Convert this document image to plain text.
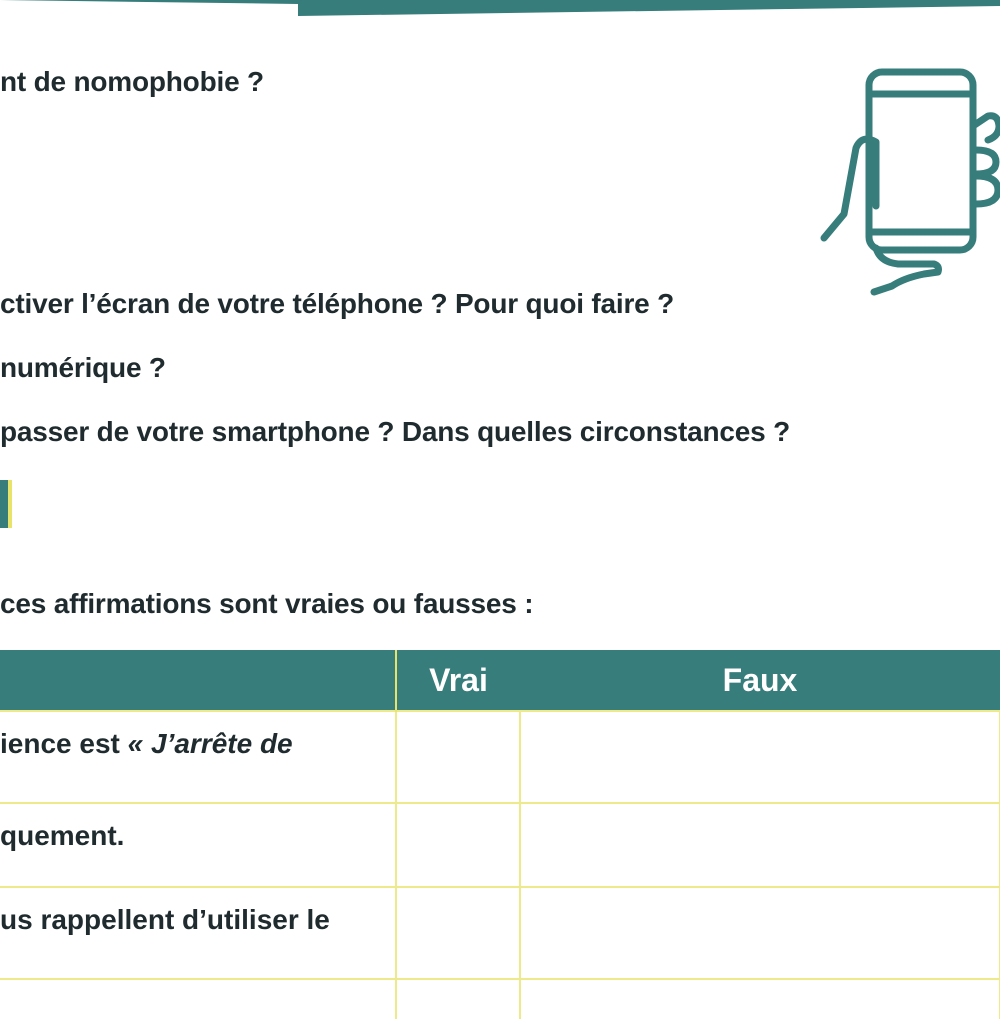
nt de nomophobie ?

ctiver l’écran de votre téléphone ? Pour quoi faire ?

numérique ?

passer de votre smartphone ? Dans quelles circonstances ?

ces affirmations sont vraies ou fausses :

	Vrai	Faux
ience est « J’arrête de		
quement.		
us rappellent d’utiliser le		
